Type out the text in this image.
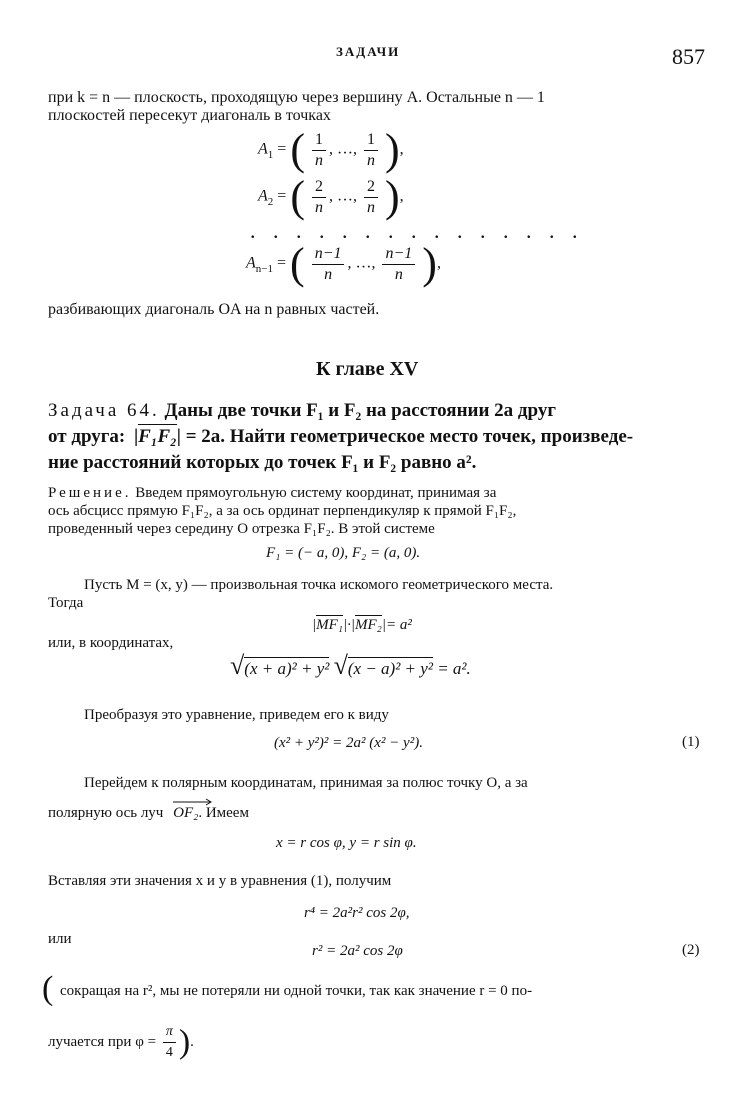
ЗАДАЧИ	857
при k = n — плоскость, проходящую через вершину A. Остальные n — 1
плоскостей пересекут диагональ в точках
$A_1$ = ( $\frac{1}{n}$ , …, $\frac{1}{n}$ ),
$A_2$ = ( $\frac{2}{n}$ , …, $\frac{2}{n}$ ),
. . . . . . . . . . . . . . .
$A_{n-1}$ = ( $\frac{n-1}{n}$ , …, $\frac{n-1}{n}$ ),
разбивающих диагональ OA на n равных частей.
К главе XV
Задача 64. Даны две точки F₁ и F₂ на расстоянии 2a друг
от друга: |F₁F₂| = 2a. Найти геометрическое место точек, произведе-
ние расстояний которых до точек F₁ и F₂ равно a².
Решение. Введем прямоугольную систему координат, принимая за
ось абсцисс прямую F₁F₂, а за ось ординат перпендикуляр к прямой F₁F₂,
проведенный через середину O отрезка F₁F₂. В этой системе
F₁ = (− a, 0), F₂ = (a, 0).
Пусть M = (x, y) — произвольная точка искомого геометрического места.
Тогда
|MF₁|·|MF₂|= a²
или, в координатах,
√(x + a)² + y² √(x − a)² + y² = a².
Преобразуя это уравнение, приведем его к виду
(x² + y²)² = 2a² (x² − y²).	(1)
Перейдем к полярным координатам, принимая за полюс точку O, а за
полярную ось луч OF₂. Имеем
x = r cos φ, y = r sin φ.
Вставляя эти значения x и y в уравнения (1), получим
r⁴ = 2a²r² cos 2φ,
или
r² = 2a² cos 2φ	(2)
( сокращая на r², мы не потеряли ни одной точки, так как значение r = 0 по-
лучается при $\varphi = \frac{\pi}{4}$ ).
